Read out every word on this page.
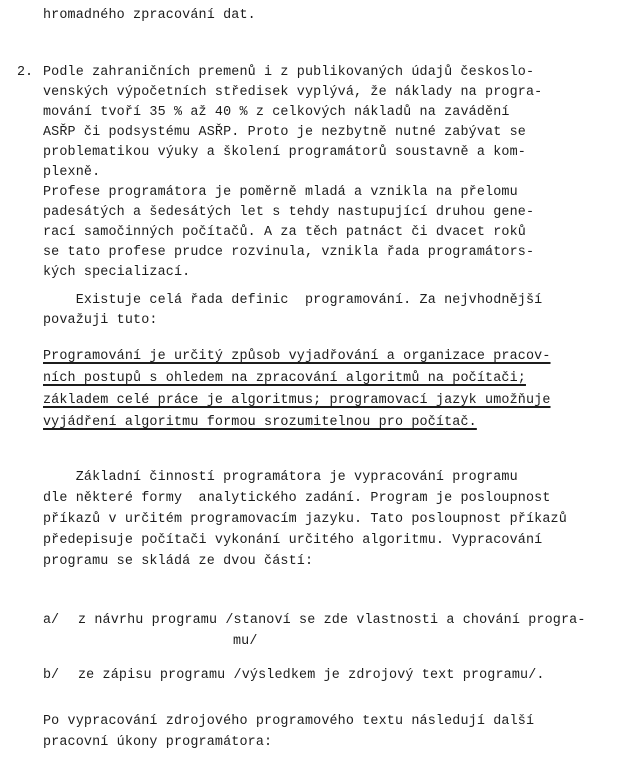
hromadného zpracování dat.
2. Podle zahraničních premenů i z publikovaných údajů českoslo-
venských výpočetních středisek vyplývá, že náklady na progra-
mování tvoří 35 % až 40 % z celkových nákladů na zavádění
ASŘP či podsystému ASŘP. Proto je nezbytně nutné zabývat se
problematikou výuky a školení programátorů soustavně a kom-
plexně.
Profese programátora je poměrně mladá a vznikla na přelomu
padesátých a šedesátých let s tehdy nastupující druhou gene-
rací samočinných počítačů. A za těch patnáct či dvacet roků
se tato profese prudce rozvinula, vznikla řada programátors-
kých specializací.
Existuje celá řada definic  programování. Za nejvhodnější
považuji tuto:
Programování je určitý způsob vyjadřování a organizace pracov-
ních postupů s ohledem na zpracování algoritmů na počítači;
základem celé práce je algoritmus; programovací jazyk umožňuje
vyjádření algoritmu formou srozumitelnou pro počítač.
Základní činností programátora je vypracování programu
dle některé formy  analytického zadání. Program je posloupnost
příkazů v určitém programovacím jazyku. Tato posloupnost příkazů
předepisuje počítači vykonání určitého algoritmu. Vypracování
programu se skládá ze dvou částí:
a/ z návrhu programu /stanoví se zde vlastnosti a chování progra-
mu/
b/ ze zápisu programu /výsledkem je zdrojový text programu/.
Po vypracování zdrojového programového textu následují další
pracovní úkony programátora:
